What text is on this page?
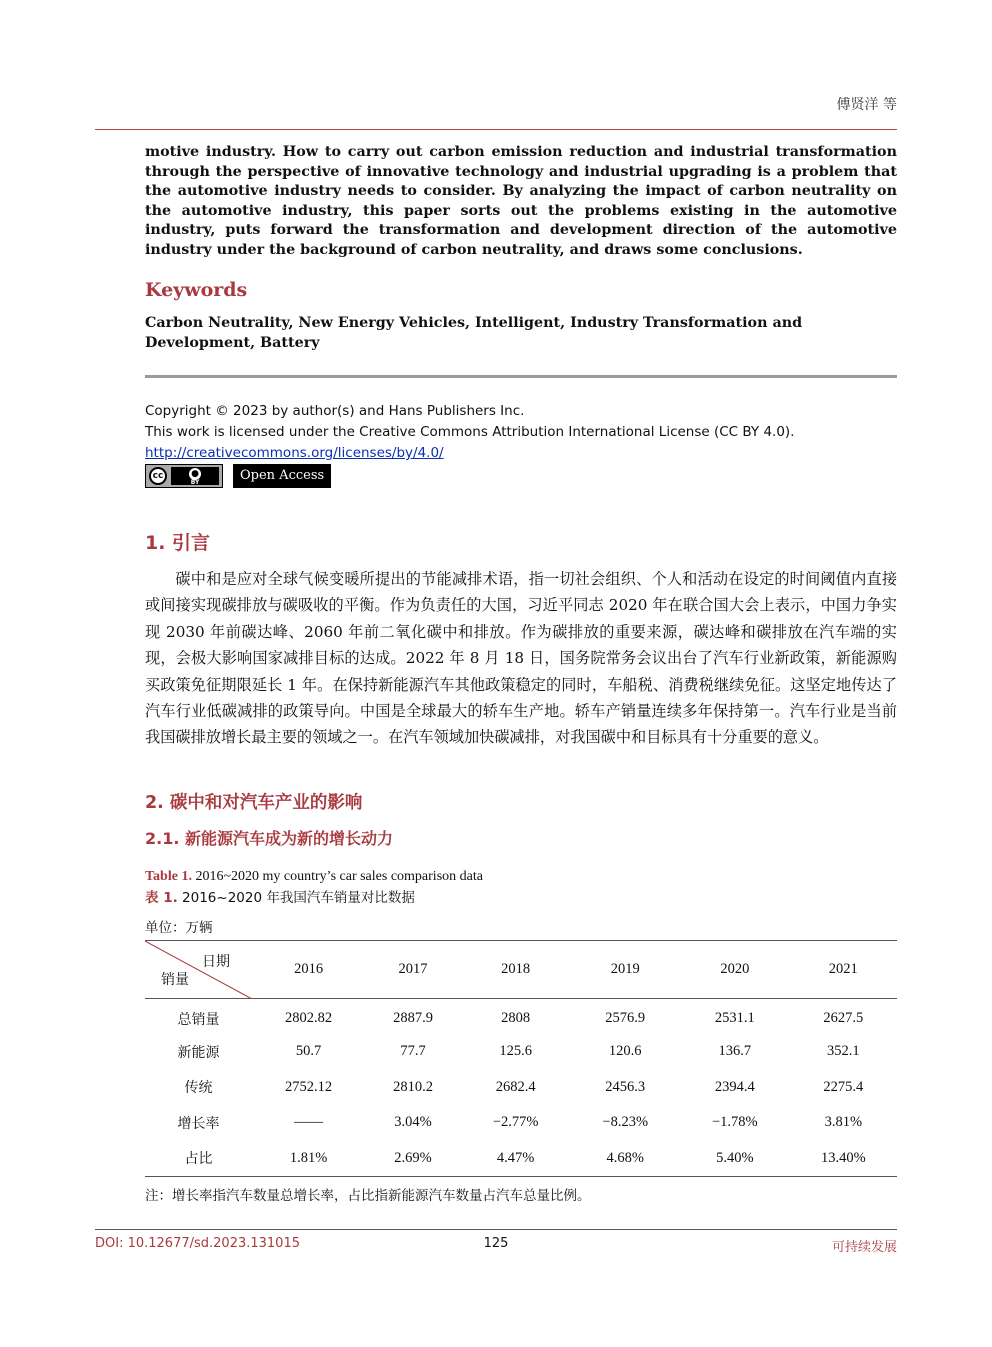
傅贤洋 等
motive industry. How to carry out carbon emission reduction and industrial transformation through the perspective of innovative technology and industrial upgrading is a problem that the automotive industry needs to consider. By analyzing the impact of carbon neutrality on the automotive industry, this paper sorts out the problems existing in the automotive industry, puts forward the transformation and development direction of the automotive industry under the background of carbon neutrality, and draws some conclusions.
Keywords
Carbon Neutrality, New Energy Vehicles, Intelligent, Industry Transformation and Development, Battery
Copyright © 2023 by author(s) and Hans Publishers Inc.
This work is licensed under the Creative Commons Attribution International License (CC BY 4.0).
http://creativecommons.org/licenses/by/4.0/
cc	●
BY	Open Access
1. 引言
碳中和是应对全球气候变暖所提出的节能减排术语，指一切社会组织、个人和活动在设定的时间阈值内直接或间接实现碳排放与碳吸收的平衡。作为负责任的大国，习近平同志 2020 年在联合国大会上表示，中国力争实现 2030 年前碳达峰、2060 年前二氧化碳中和排放。作为碳排放的重要来源，碳达峰和碳排放在汽车端的实现，会极大影响国家减排目标的达成。2022 年 8 月 18 日，国务院常务会议出台了汽车行业新政策，新能源购买政策免征期限延长 1 年。在保持新能源汽车其他政策稳定的同时，车船税、消费税继续免征。这坚定地传达了汽车行业低碳减排的政策导向。中国是全球最大的轿车生产地。轿车产销量连续多年保持第一。汽车行业是当前我国碳排放增长最主要的领域之一。在汽车领域加快碳减排，对我国碳中和目标具有十分重要的意义。
2. 碳中和对汽车产业的影响
2.1. 新能源汽车成为新的增长动力
Table 1. 2016~2020 my country’s car sales comparison data
表 1. 2016~2020 年我国汽车销量对比数据
单位：万辆
日期
销量	2016	2017	2018	2019	2020	2021
总销量	2802.82	2887.9	2808	2576.9	2531.1	2627.5
新能源	50.7	77.7	125.6	120.6	136.7	352.1
传统	2752.12	2810.2	2682.4	2456.3	2394.4	2275.4
增长率	——	3.04%	−2.77%	−8.23%	−1.78%	3.81%
占比	1.81%	2.69%	4.47%	4.68%	5.40%	13.40%
注：增长率指汽车数量总增长率，占比指新能源汽车数量占汽车总量比例。
DOI: 10.12677/sd.2023.131015	125	可持续发展
